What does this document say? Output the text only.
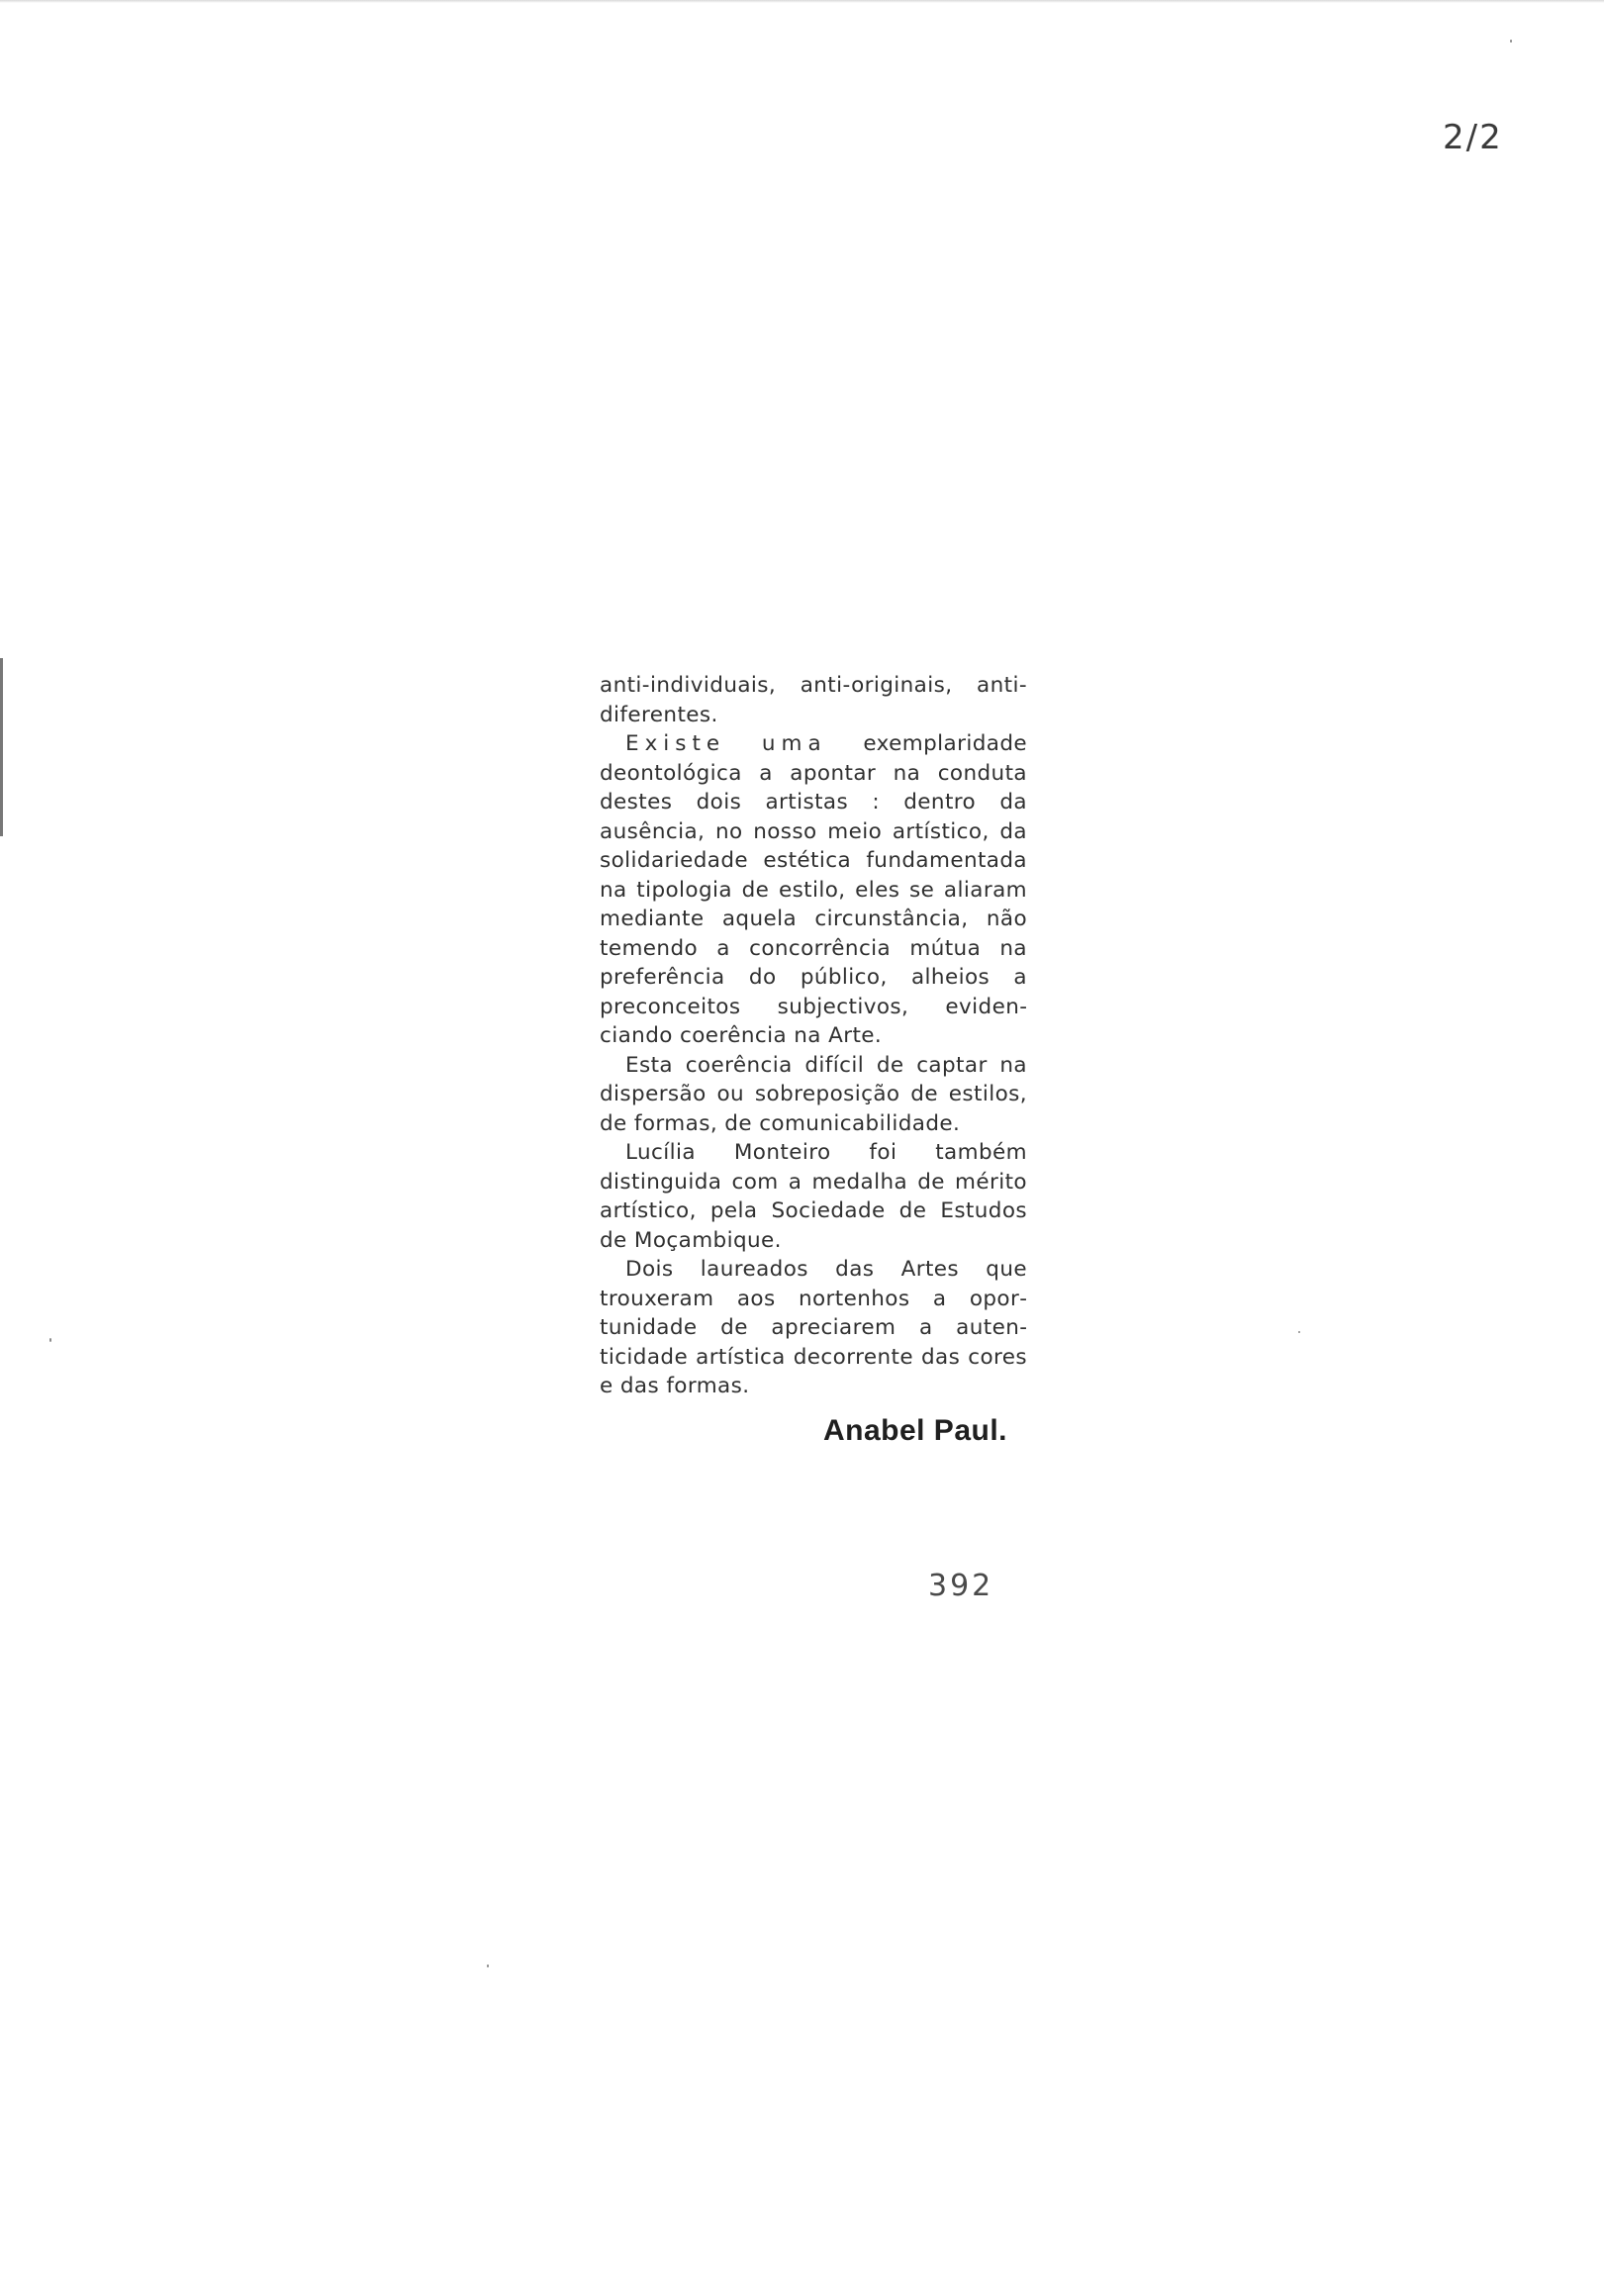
2/2

anti-individuais, anti-originais, anti-diferentes.

Existe uma exemplaridade deontológica a apontar na conduta destes dois artistas : dentro da ausência, no nosso meio artístico, da solidariedade estética fundamentada na tipologia de estilo, eles se aliaram mediante aquela circunstância, não temendo a concorrência mútua na preferência do público, alheios a preconceitos subjectivos, evidenciando coerência na Arte.

Esta coerência difícil de captar na dispersão ou sobreposição de estilos, de formas, de comunicabilidade.

Lucília Monteiro foi também distinguida com a medalha de mérito artístico, pela Sociedade de Estudos de Moçambique.

Dois laureados das Artes que trouxeram aos nortenhos a oportunidade de apreciarem a autenticidade artística decorrente das cores e das formas.

Anabel Paul.

392
